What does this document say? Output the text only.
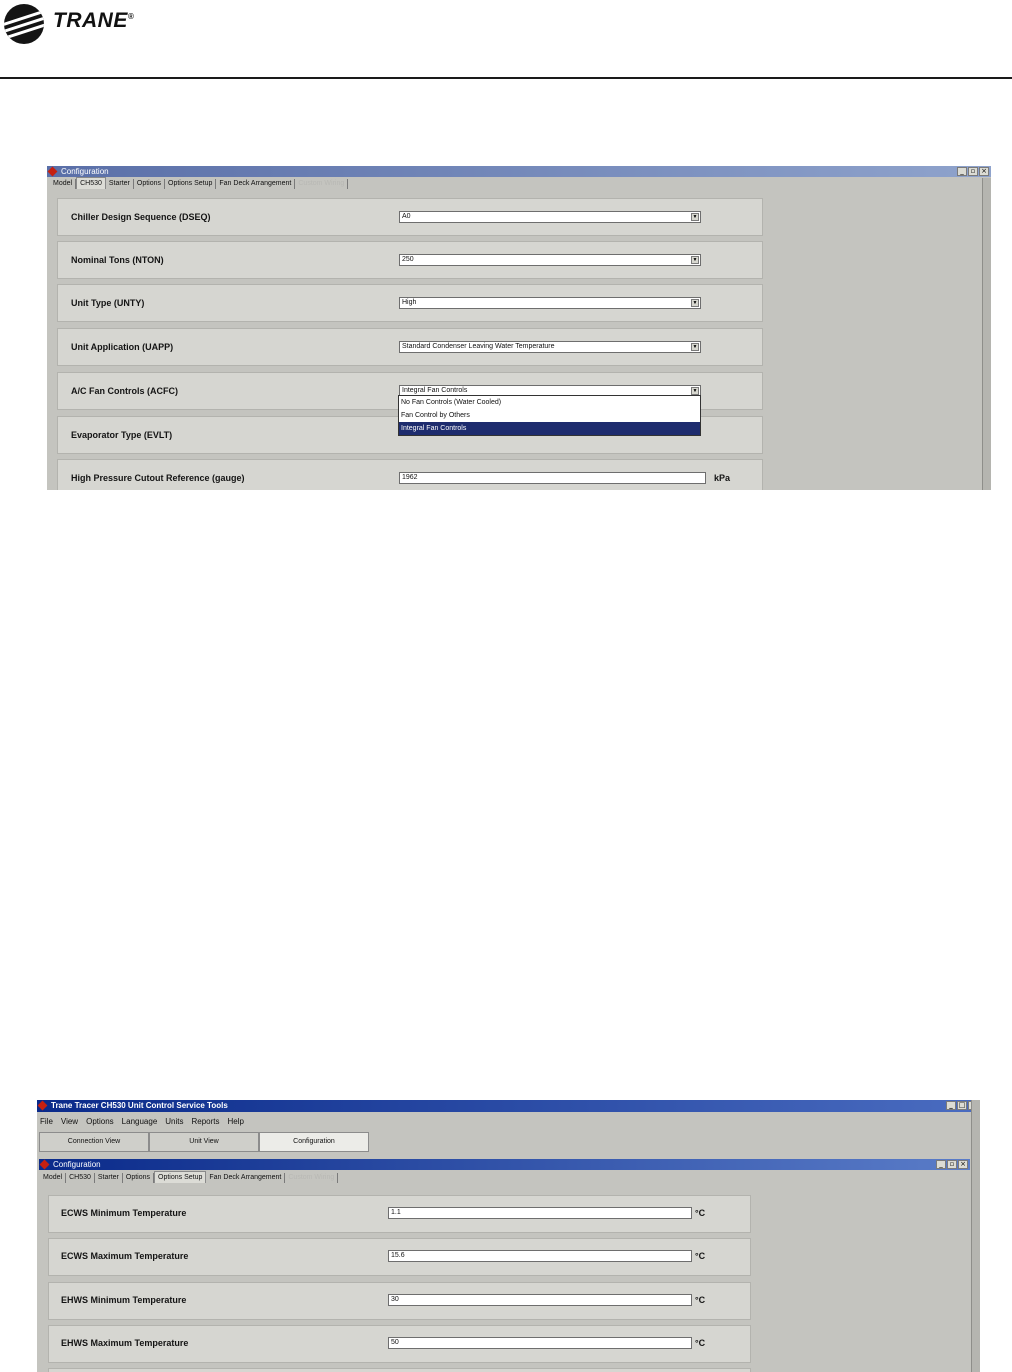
TRANE®
Configuration	_ ▫ ×
Model	CH530	Starter	Options	Options Setup	Fan Deck Arrangement	Custom Wiring
Chiller Design Sequence (DSEQ)	A0	▼
Nominal Tons (NTON)	250	▼
Unit Type (UNTY)	High	▼
Unit Application (UAPP)	Standard Condenser Leaving Water Temperature	▼
A/C Fan Controls (ACFC)	Integral Fan Controls	▼
Evaporator Type (EVLT)
High Pressure Cutout Reference (gauge)	1962	kPa
No Fan Controls (Water Cooled)
Fan Control by Others
Integral Fan Controls
Trane Tracer CH530 Unit Control Service Tools	_ □
File View Options Language Units Reports Help
Connection View	Unit View	Configuration
Configuration	_ ▫ ×
Model	CH530	Starter	Options	Options Setup	Fan Deck Arrangement	Custom Wiring
ECWS Minimum Temperature	1.1	°C
ECWS Maximum Temperature	15.6	°C
EHWS Minimum Temperature	30	°C
EHWS Maximum Temperature	50	°C
